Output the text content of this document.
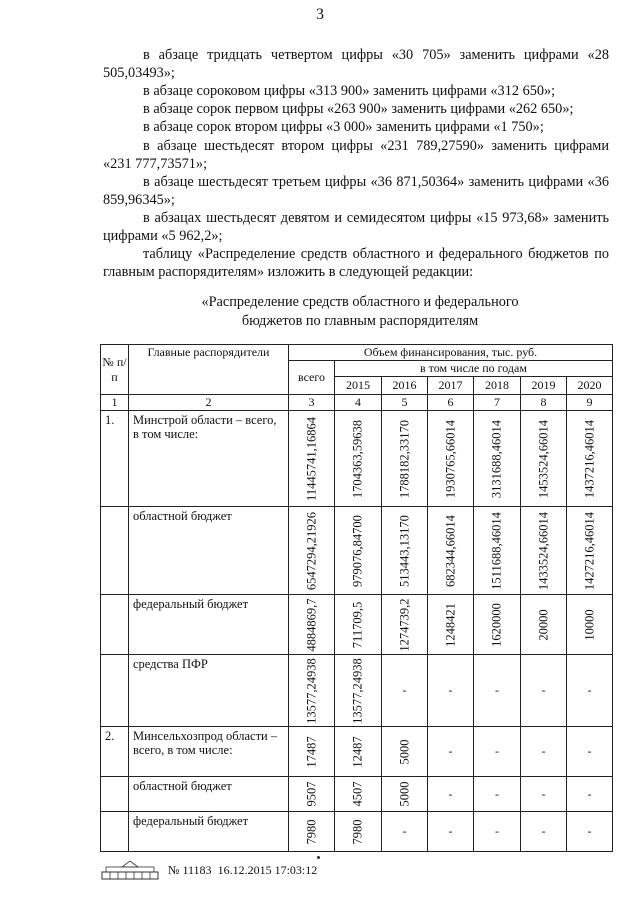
3
в абзаце тридцать четвертом цифры «30 705» заменить цифрами «28 505,03493»;
в абзаце сороковом цифры «313 900» заменить цифрами «312 650»;
в абзаце сорок первом цифры «263 900» заменить цифрами «262 650»;
в абзаце сорок втором цифры «3 000» заменить цифрами «1 750»;
в абзаце шестьдесят втором цифры «231 789,27590» заменить цифрами «231 777,73571»;
в абзаце шестьдесят третьем цифры «36 871,50364» заменить цифрами «36 859,96345»;
в абзацах шестьдесят девятом и семидесятом цифры «15 973,68» заменить цифрами «5 962,2»;
таблицу «Распределение средств областного и федерального бюджетов по главным распорядителям» изложить в следующей редакции:
«Распределение средств областного и федерального
бюджетов по главным распорядителям
№ п/п	Главные распорядители	Объем финансирования, тыс. руб.						
		всего	в том числе по годам					
			2015	2016	2017	2018	2019	2020
1	2	3	4	5	6	7	8	9
1.	Минстрой области – всего, в том числе:	11445741,16864	1704363,59638	1788182,33170	1930765,66014	3131688,46014	1453524,66014	1437216,46014

	областной бюджет	6547294,21926	979076,84700	513443,13170	682344,66014	1511688,46014	1433524,66014	1427216,46014

	федеральный бюджет	4884869,7	711709,5	1274739,2	1248421	1620000	20000	10000

	средства ПФР	13577,24938	13577,24938	-	-	-	-	-
2.	Минсельхозпрод области – всего, в том числе:	17487	12487	5000	-	-	-	-
	областной бюджет	9507	4507	5000	-	-	-	-
	федеральный бюджет	7980	7980	-	-	-	-	-
№ 11183 16.12.2015 17:03:12
